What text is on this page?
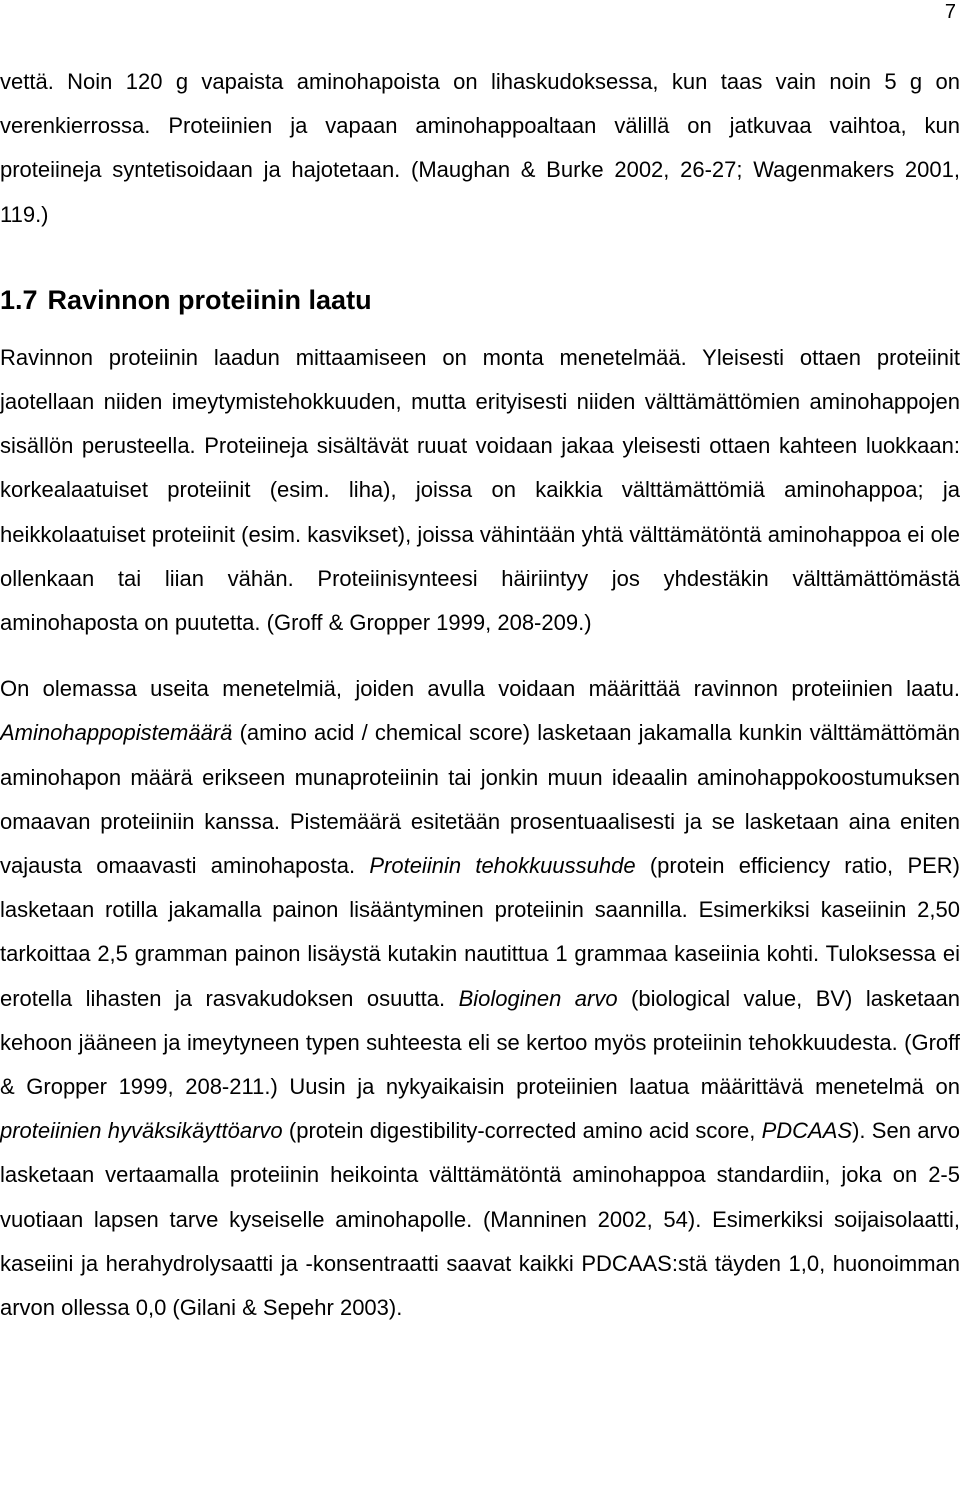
7

vettä. Noin 120 g vapaista aminohapoista on lihaskudoksessa, kun taas vain noin 5 g on verenkierrossa. Proteiinien ja vapaan aminohappoaltaan välillä on jatkuvaa vaihtoa, kun proteiineja syntetisoidaan ja hajotetaan. (Maughan & Burke 2002, 26-27; Wagenmakers 2001, 119.)

1.7 Ravinnon proteiinin laatu

Ravinnon proteiinin laadun mittaamiseen on monta menetelmää. Yleisesti ottaen proteiinit jaotellaan niiden imeytymistehokkuuden, mutta erityisesti niiden välttämättömien aminohappojen sisällön perusteella. Proteiineja sisältävät ruuat voidaan jakaa yleisesti ottaen kahteen luokkaan: korkealaatuiset proteiinit (esim. liha), joissa on kaikkia välttämättömiä aminohappoa; ja heikkolaatuiset proteiinit (esim. kasvikset), joissa vähintään yhtä välttämätöntä aminohappoa ei ole ollenkaan tai liian vähän. Proteiinisynteesi häiriintyy jos yhdestäkin välttämättömästä aminohaposta on puutetta. (Groff & Gropper 1999, 208-209.)

On olemassa useita menetelmiä, joiden avulla voidaan määrittää ravinnon proteiinien laatu. Aminohappopistemäärä (amino acid / chemical score) lasketaan jakamalla kunkin välttämättömän aminohapon määrä erikseen munaproteiinin tai jonkin muun ideaalin aminohappokoostumuksen omaavan proteiiniin kanssa. Pistemäärä esitetään prosentuaalisesti ja se lasketaan aina eniten vajausta omaavasti aminohaposta. Proteiinin tehokkuussuhde (protein efficiency ratio, PER) lasketaan rotilla jakamalla painon lisääntyminen proteiinin saannilla. Esimerkiksi kaseiinin 2,50 tarkoittaa 2,5 gramman painon lisäystä kutakin nautittua 1 grammaa kaseiinia kohti. Tuloksessa ei erotella lihasten ja rasvakudoksen osuutta. Biologinen arvo (biological value, BV) lasketaan kehoon jääneen ja imeytyneen typen suhteesta eli se kertoo myös proteiinin tehokkuudesta. (Groff & Gropper 1999, 208-211.) Uusin ja nykyaikaisin proteiinien laatua määrittävä menetelmä on proteiinien hyväksikäyttöarvo (protein digestibility-corrected amino acid score, PDCAAS). Sen arvo lasketaan vertaamalla proteiinin heikointa välttämätöntä aminohappoa standardiin, joka on 2-5 vuotiaan lapsen tarve kyseiselle aminohapolle. (Manninen 2002, 54). Esimerkiksi soijaisolaatti, kaseiini ja herahydrolysaatti ja -konsentraatti saavat kaikki PDCAAS:stä täyden 1,0, huonoimman arvon ollessa 0,0 (Gilani & Sepehr 2003).
